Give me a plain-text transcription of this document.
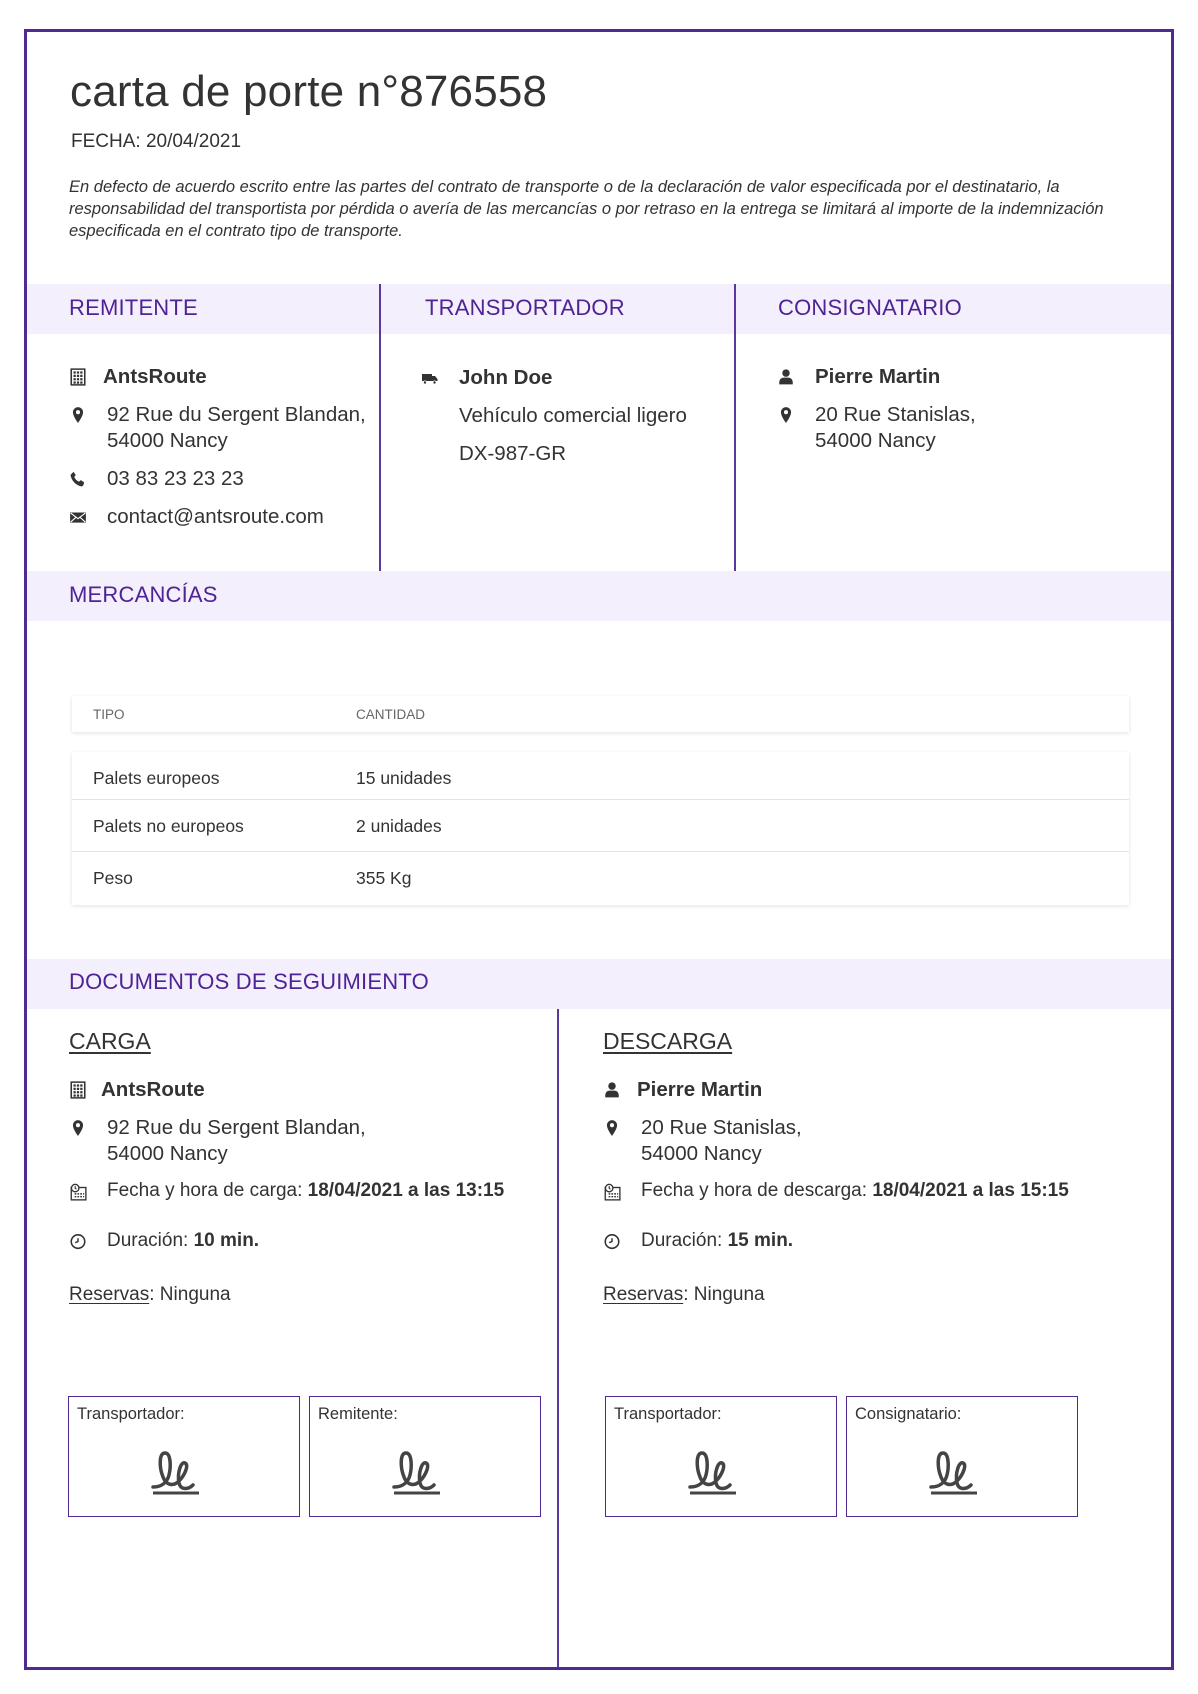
carta de porte n°876558
FECHA: 20/04/2021

En defecto de acuerdo escrito entre las partes del contrato de transporte o de la declaración de valor especificada por el destinatario, la responsabilidad del transportista por pérdida o avería de las mercancías o por retraso en la entrega se limitará al importe de la indemnización especificada en el contrato tipo de transporte.

REMITENTE	TRANSPORTADOR	CONSIGNATARIO
AntsRoute
92 Rue du Sergent Blandan, 54000 Nancy
03 83 23 23 23
contact@antsroute.com
John Doe
Vehículo comercial ligero
DX-987-GR
Pierre Martin
20 Rue Stanislas, 54000 Nancy
MERCANCÍAS
TIPO	CANTIDAD
Palets europeos	15 unidades
Palets no europeos	2 unidades
Peso	355 Kg
DOCUMENTOS DE SEGUIMIENTO
CARGA
AntsRoute
92 Rue du Sergent Blandan, 54000 Nancy
Fecha y hora de carga: 18/04/2021 a las 13:15
Duración: 10 min.
Reservas: Ninguna
DESCARGA
Pierre Martin
20 Rue Stanislas, 54000 Nancy
Fecha y hora de descarga: 18/04/2021 a las 15:15
Duración: 15 min.
Reservas: Ninguna
Transportador:	Remitente:	Transportador:	Consignatario:
